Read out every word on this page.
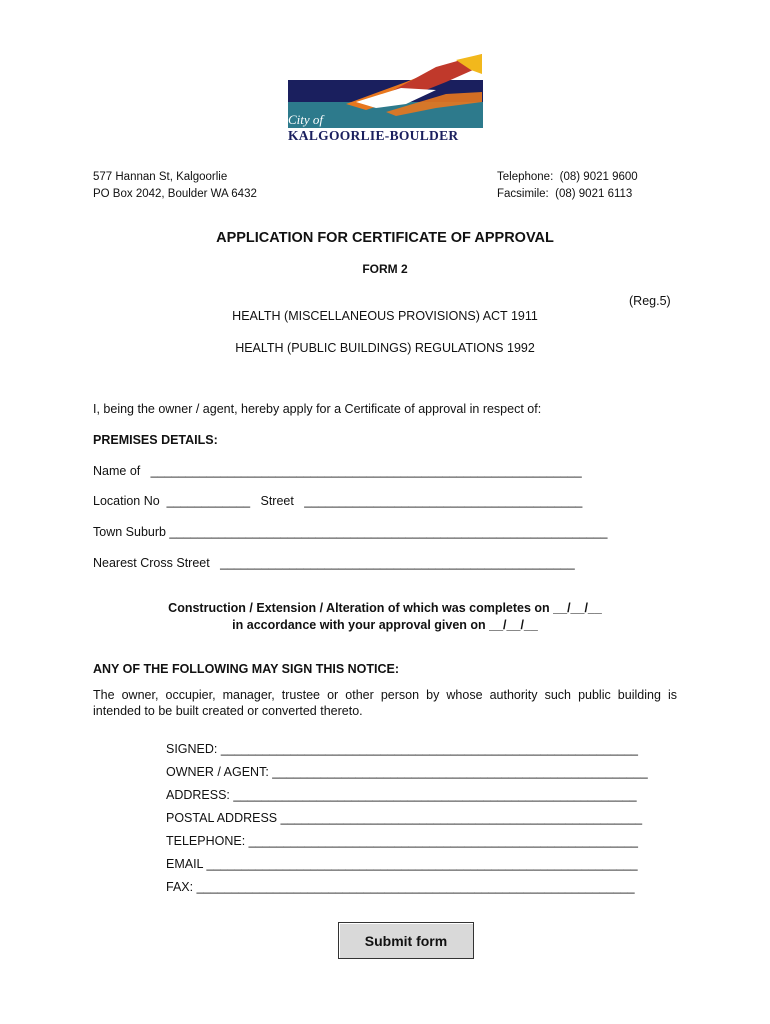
City of
KALGOORLIE-BOULDER
577 Hannan St, Kalgoorlie
PO Box 2042, Boulder WA 6432
Telephone:  (08) 9021 9600
Facsimile:  (08) 9021 6113
APPLICATION FOR CERTIFICATE OF APPROVAL
FORM 2
(Reg.5)
HEALTH (MISCELLANEOUS PROVISIONS) ACT 1911
HEALTH (PUBLIC BUILDINGS) REGULATIONS 1992
I, being the owner / agent, hereby apply for a Certificate of approval in respect of:
PREMISES DETAILS:
Name of   ______________________________________________________________
Location No  ____________   Street   ________________________________________
Town Suburb _______________________________________________________________
Nearest Cross Street   ___________________________________________________
Construction / Extension / Alteration of which was completes on __/__/__
in accordance with your approval given on __/__/__
ANY OF THE FOLLOWING MAY SIGN THIS NOTICE:
The owner, occupier, manager, trustee or other person by whose authority such public building is intended to be built created or converted thereto.
SIGNED: ____________________________________________________________
OWNER / AGENT: ______________________________________________________
ADDRESS: __________________________________________________________
POSTAL ADDRESS ____________________________________________________
TELEPHONE: ________________________________________________________
EMAIL ______________________________________________________________
FAX: _______________________________________________________________
Submit form
